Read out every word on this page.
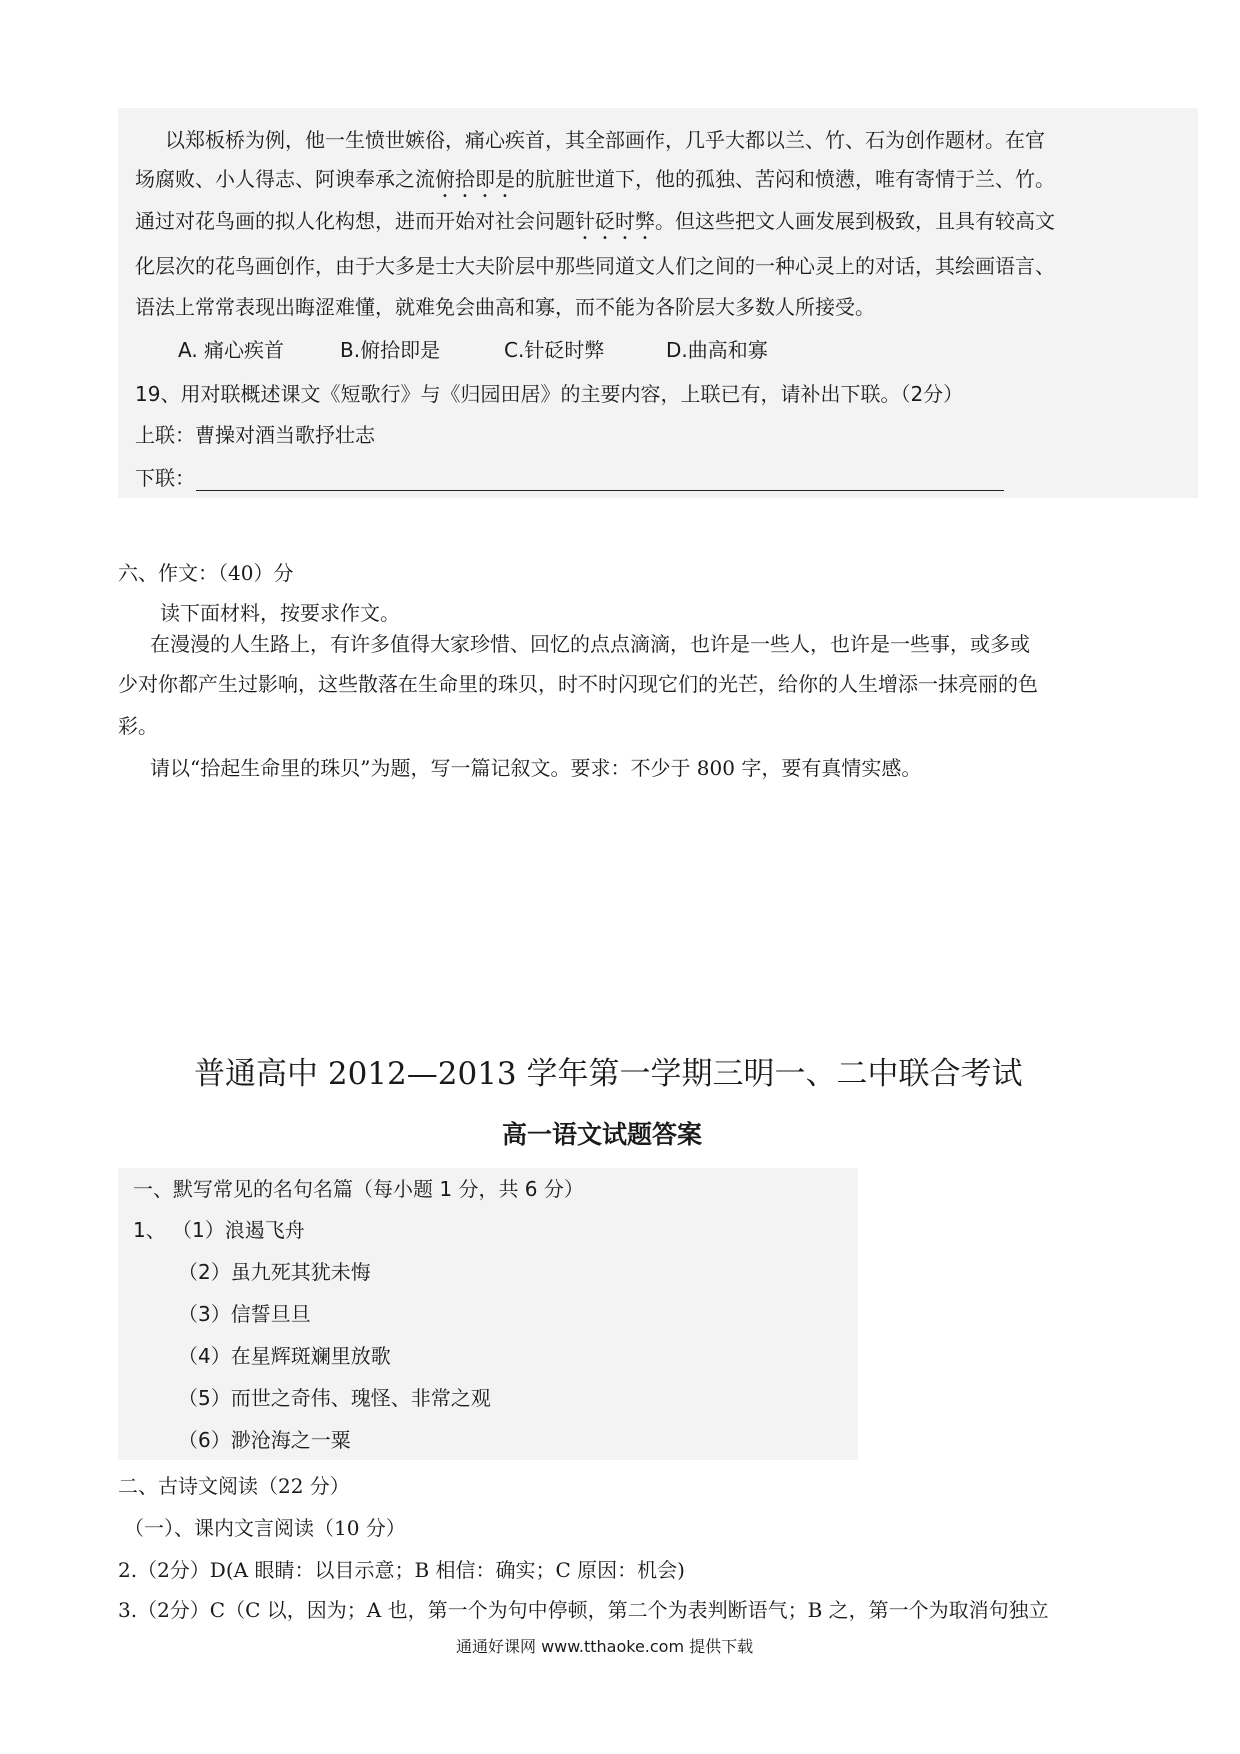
以郑板桥为例，他一生愤世嫉俗，痛心疾首，其全部画作，几乎大都以兰、竹、石为创作题材。在官
场腐败、小人得志、阿谀奉承之流俯拾即是的肮脏世道下，他的孤独、苦闷和愤懑，唯有寄情于兰、竹。
通过对花鸟画的拟人化构想，进而开始对社会问题针砭时弊。但这些把文人画发展到极致，且具有较高文
化层次的花鸟画创作，由于大多是士大夫阶层中那些同道文人们之间的一种心灵上的对话，其绘画语言、
语法上常常表现出晦涩难懂，就难免会曲高和寡，而不能为各阶层大多数人所接受。
A. 痛心疾首	B.俯拾即是	C.针砭时弊	D.曲高和寡
19、用对联概述课文《短歌行》与《归园田居》的主要内容，上联已有，请补出下联。（2分）
上联：曹操对酒当歌抒壮志
下联：
六、作文：（40）分
读下面材料，按要求作文。
在漫漫的人生路上，有许多值得大家珍惜、回忆的点点滴滴，也许是一些人，也许是一些事，或多或
少对你都产生过影响，这些散落在生命里的珠贝，时不时闪现它们的光芒，给你的人生增添一抹亮丽的色
彩。
请以“拾起生命里的珠贝”为题，写一篇记叙文。要求：不少于 800 字，要有真情实感。
普通高中 2012—2013 学年第一学期三明一、二中联合考试
高一语文试题答案
一、默写常见的名句名篇（每小题 1 分，共 6 分）
1、 （1）浪遏飞舟
（2）虽九死其犹未悔
（3）信誓旦旦
（4）在星辉斑斓里放歌
（5）而世之奇伟、瑰怪、非常之观
（6）渺沧海之一粟
二、古诗文阅读（22 分）
（一）、课内文言阅读（10 分）
2.（2分）D(A 眼睛：以目示意；B 相信：确实；C 原因：机会)
3.（2分）C（C 以，因为；A 也，第一个为句中停顿，第二个为表判断语气；B 之，第一个为取消句独立
通通好课网 www.tthaoke.com 提供下载
